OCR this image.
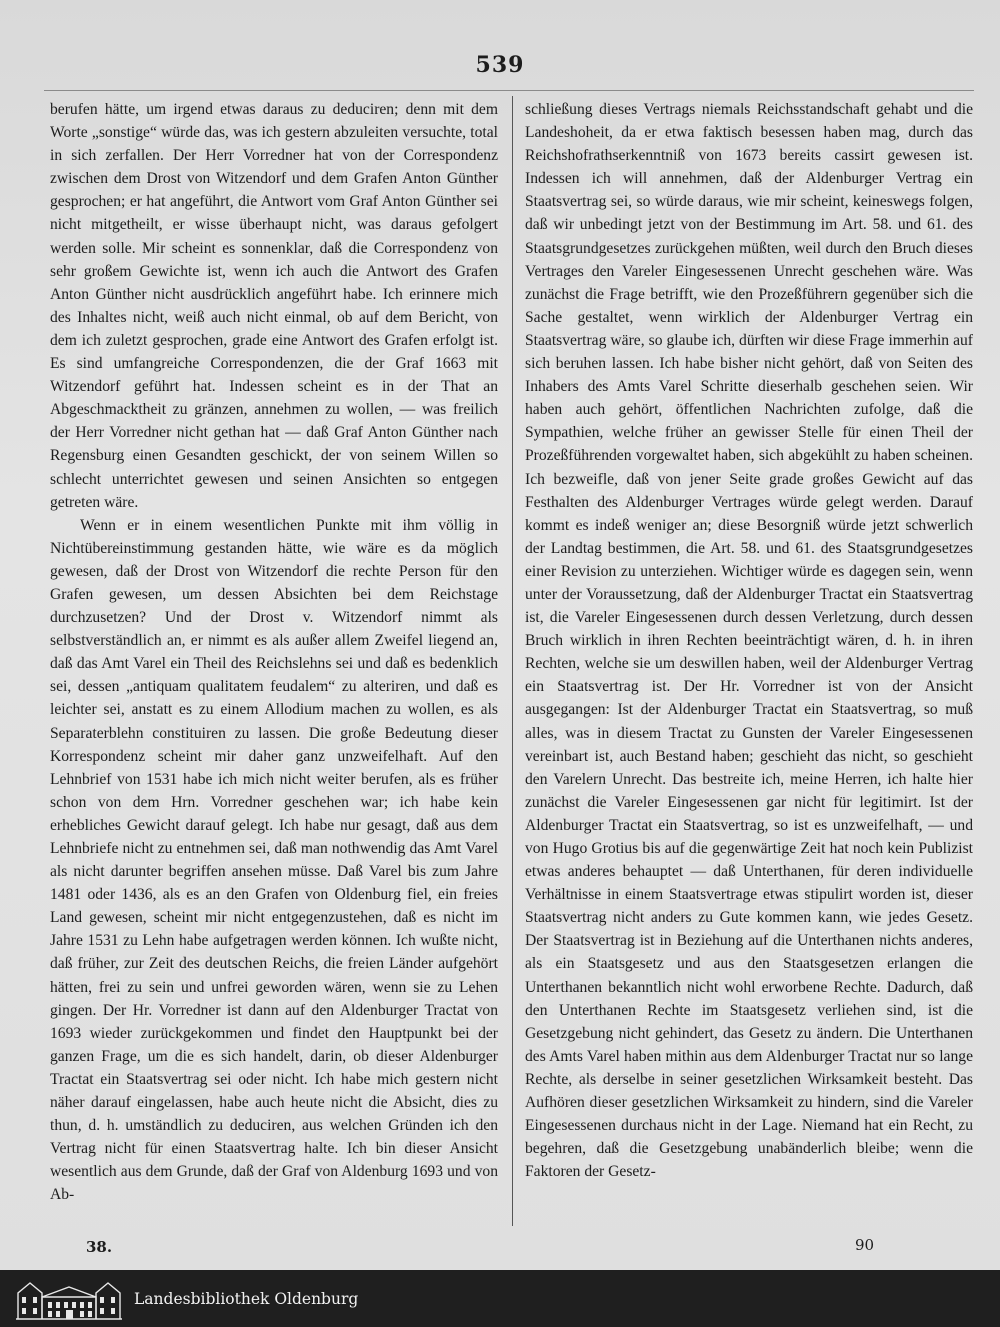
539

berufen hätte, um irgend etwas daraus zu deduciren; denn mit dem Worte „sonstige“ würde das, was ich gestern abzuleiten versuchte, total in sich zerfallen. Der Herr Vorredner hat von der Correspondenz zwischen dem Drost von Witzendorf und dem Grafen Anton Günther gesprochen; er hat angeführt, die Antwort vom Graf Anton Günther sei nicht mitgetheilt, er wisse überhaupt nicht, was daraus gefolgert werden solle. Mir scheint es sonnenklar, daß die Correspondenz von sehr großem Gewichte ist, wenn ich auch die Antwort des Grafen Anton Günther nicht ausdrücklich angeführt habe. Ich erinnere mich des Inhaltes nicht, weiß auch nicht einmal, ob auf dem Bericht, von dem ich zuletzt gesprochen, grade eine Antwort des Grafen erfolgt ist. Es sind umfangreiche Correspondenzen, die der Graf 1663 mit Witzendorf geführt hat. Indessen scheint es in der That an Abgeschmacktheit zu gränzen, annehmen zu wollen, — was freilich der Herr Vorredner nicht gethan hat — daß Graf Anton Günther nach Regensburg einen Gesandten geschickt, der von seinem Willen so schlecht unterrichtet gewesen und seinen Ansichten so entgegen getreten wäre.

Wenn er in einem wesentlichen Punkte mit ihm völlig in Nichtübereinstimmung gestanden hätte, wie wäre es da möglich gewesen, daß der Drost von Witzendorf die rechte Person für den Grafen gewesen, um dessen Absichten bei dem Reichstage durchzusetzen? Und der Drost v. Witzendorf nimmt als selbstverständlich an, er nimmt es als außer allem Zweifel liegend an, daß das Amt Varel ein Theil des Reichslehns sei und daß es bedenklich sei, dessen „antiquam qualitatem feudalem“ zu alteriren, und daß es leichter sei, anstatt es zu einem Allodium machen zu wollen, es als Separaterblehn constituiren zu lassen. Die große Bedeutung dieser Korrespondenz scheint mir daher ganz unzweifelhaft. Auf den Lehnbrief von 1531 habe ich mich nicht weiter berufen, als es früher schon von dem Hrn. Vorredner geschehen war; ich habe kein erhebliches Gewicht darauf gelegt. Ich habe nur gesagt, daß aus dem Lehnbriefe nicht zu entnehmen sei, daß man nothwendig das Amt Varel als nicht darunter begriffen ansehen müsse. Daß Varel bis zum Jahre 1481 oder 1436, als es an den Grafen von Oldenburg fiel, ein freies Land gewesen, scheint mir nicht entgegenzustehen, daß es nicht im Jahre 1531 zu Lehn habe aufgetragen werden können. Ich wußte nicht, daß früher, zur Zeit des deutschen Reichs, die freien Länder aufgehört hätten, frei zu sein und unfrei geworden wären, wenn sie zu Lehen gingen. Der Hr. Vorredner ist dann auf den Aldenburger Tractat von 1693 wieder zurückgekommen und findet den Hauptpunkt bei der ganzen Frage, um die es sich handelt, darin, ob dieser Aldenburger Tractat ein Staatsvertrag sei oder nicht. Ich habe mich gestern nicht näher darauf eingelassen, habe auch heute nicht die Absicht, dies zu thun, d. h. umständlich zu deduciren, aus welchen Gründen ich den Vertrag nicht für einen Staatsvertrag halte. Ich bin dieser Ansicht wesentlich aus dem Grunde, daß der Graf von Aldenburg 1693 und von Ab-

schließung dieses Vertrags niemals Reichsstandschaft gehabt und die Landeshoheit, da er etwa faktisch besessen haben mag, durch das Reichshofrathserkenntniß von 1673 bereits cassirt gewesen ist. Indessen ich will annehmen, daß der Aldenburger Vertrag ein Staatsvertrag sei, so würde daraus, wie mir scheint, keineswegs folgen, daß wir unbedingt jetzt von der Bestimmung im Art. 58. und 61. des Staatsgrundgesetzes zurückgehen müßten, weil durch den Bruch dieses Vertrages den Vareler Eingesessenen Unrecht geschehen wäre. Was zunächst die Frage betrifft, wie den Prozeßführern gegenüber sich die Sache gestaltet, wenn wirklich der Aldenburger Vertrag ein Staatsvertrag wäre, so glaube ich, dürften wir diese Frage immerhin auf sich beruhen lassen. Ich habe bisher nicht gehört, daß von Seiten des Inhabers des Amts Varel Schritte dieserhalb geschehen seien. Wir haben auch gehört, öffentlichen Nachrichten zufolge, daß die Sympathien, welche früher an gewisser Stelle für einen Theil der Prozeßführenden vorgewaltet haben, sich abgekühlt zu haben scheinen. Ich bezweifle, daß von jener Seite grade großes Gewicht auf das Festhalten des Aldenburger Vertrages würde gelegt werden. Darauf kommt es indeß weniger an; diese Besorgniß würde jetzt schwerlich der Landtag bestimmen, die Art. 58. und 61. des Staatsgrundgesetzes einer Revision zu unterziehen. Wichtiger würde es dagegen sein, wenn unter der Voraussetzung, daß der Aldenburger Tractat ein Staatsvertrag ist, die Vareler Eingesessenen durch dessen Verletzung, durch dessen Bruch wirklich in ihren Rechten beeinträchtigt wären, d. h. in ihren Rechten, welche sie um deswillen haben, weil der Aldenburger Vertrag ein Staatsvertrag ist. Der Hr. Vorredner ist von der Ansicht ausgegangen: Ist der Aldenburger Tractat ein Staatsvertrag, so muß alles, was in diesem Tractat zu Gunsten der Vareler Eingesessenen vereinbart ist, auch Bestand haben; geschieht das nicht, so geschieht den Varelern Unrecht. Das bestreite ich, meine Herren, ich halte hier zunächst die Vareler Eingesessenen gar nicht für legitimirt. Ist der Aldenburger Tractat ein Staatsvertrag, so ist es unzweifelhaft, — und von Hugo Grotius bis auf die gegenwärtige Zeit hat noch kein Publizist etwas anderes behauptet — daß Unterthanen, für deren individuelle Verhältnisse in einem Staatsvertrage etwas stipulirt worden ist, dieser Staatsvertrag nicht anders zu Gute kommen kann, wie jedes Gesetz. Der Staatsvertrag ist in Beziehung auf die Unterthanen nichts anderes, als ein Staatsgesetz und aus den Staatsgesetzen erlangen die Unterthanen bekanntlich nicht wohl erworbene Rechte. Dadurch, daß den Unterthanen Rechte im Staatsgesetz verliehen sind, ist die Gesetzgebung nicht gehindert, das Gesetz zu ändern. Die Unterthanen des Amts Varel haben mithin aus dem Aldenburger Tractat nur so lange Rechte, als derselbe in seiner gesetzlichen Wirksamkeit besteht. Das Aufhören dieser gesetzlichen Wirksamkeit zu hindern, sind die Vareler Eingesessenen durchaus nicht in der Lage. Niemand hat ein Recht, zu begehren, daß die Gesetzgebung unabänderlich bleibe; wenn die Faktoren der Gesetz-

38.	90
Landesbibliothek Oldenburg
